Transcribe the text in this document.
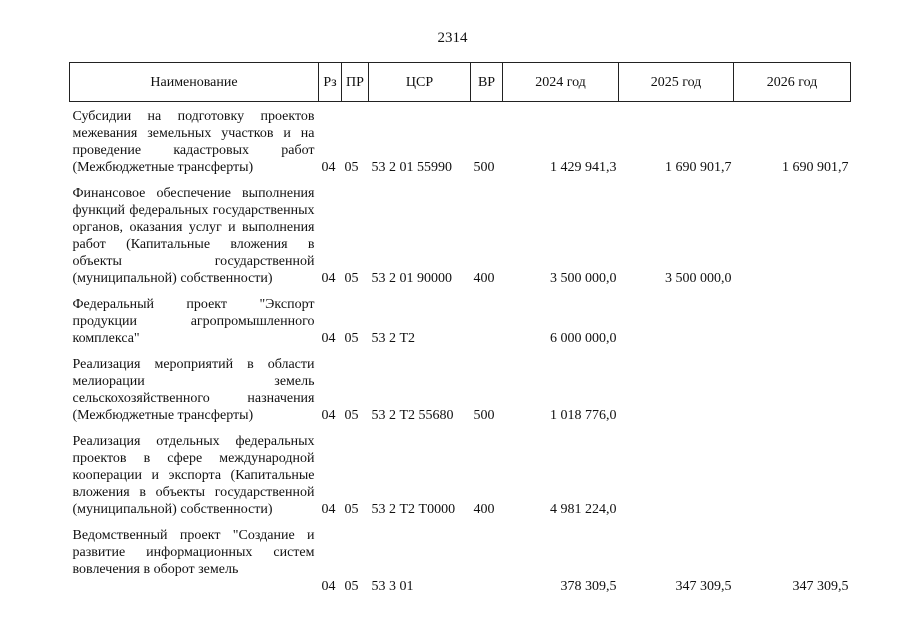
2314
Наименование	Рз	ПР	ЦСР	ВР	2024 год	2025 год	2026 год
Субсидии на подготовку проектов межевания земельных участков и на проведение кадастровых работ (Межбюджетные трансферты)	04	05	53 2 01 55990	500	1 429 941,3	1 690 901,7	1 690 901,7
Финансовое обеспечение выполнения функций федеральных государственных органов, оказания услуг и выполнения работ (Капитальные вложения в объекты государственной (муниципальной) собственности)	04	05	53 2 01 90000	400	3 500 000,0	3 500 000,0	
Федеральный проект "Экспорт продукции агропромышленного комплекса"	04	05	53 2 Т2		6 000 000,0		
Реализация мероприятий в области мелиорации земель сельскохозяйственного назначения (Межбюджетные трансферты)	04	05	53 2 Т2 55680	500	1 018 776,0		
Реализация отдельных федеральных проектов в сфере международной кооперации и экспорта (Капитальные вложения в объекты государственной (муниципальной) собственности)	04	05	53 2 Т2 Т0000	400	4 981 224,0		
Ведомственный проект "Создание и развитие информационных систем вовлечения в оборот земель	04	05	53 3 01		378 309,5	347 309,5	347 309,5
